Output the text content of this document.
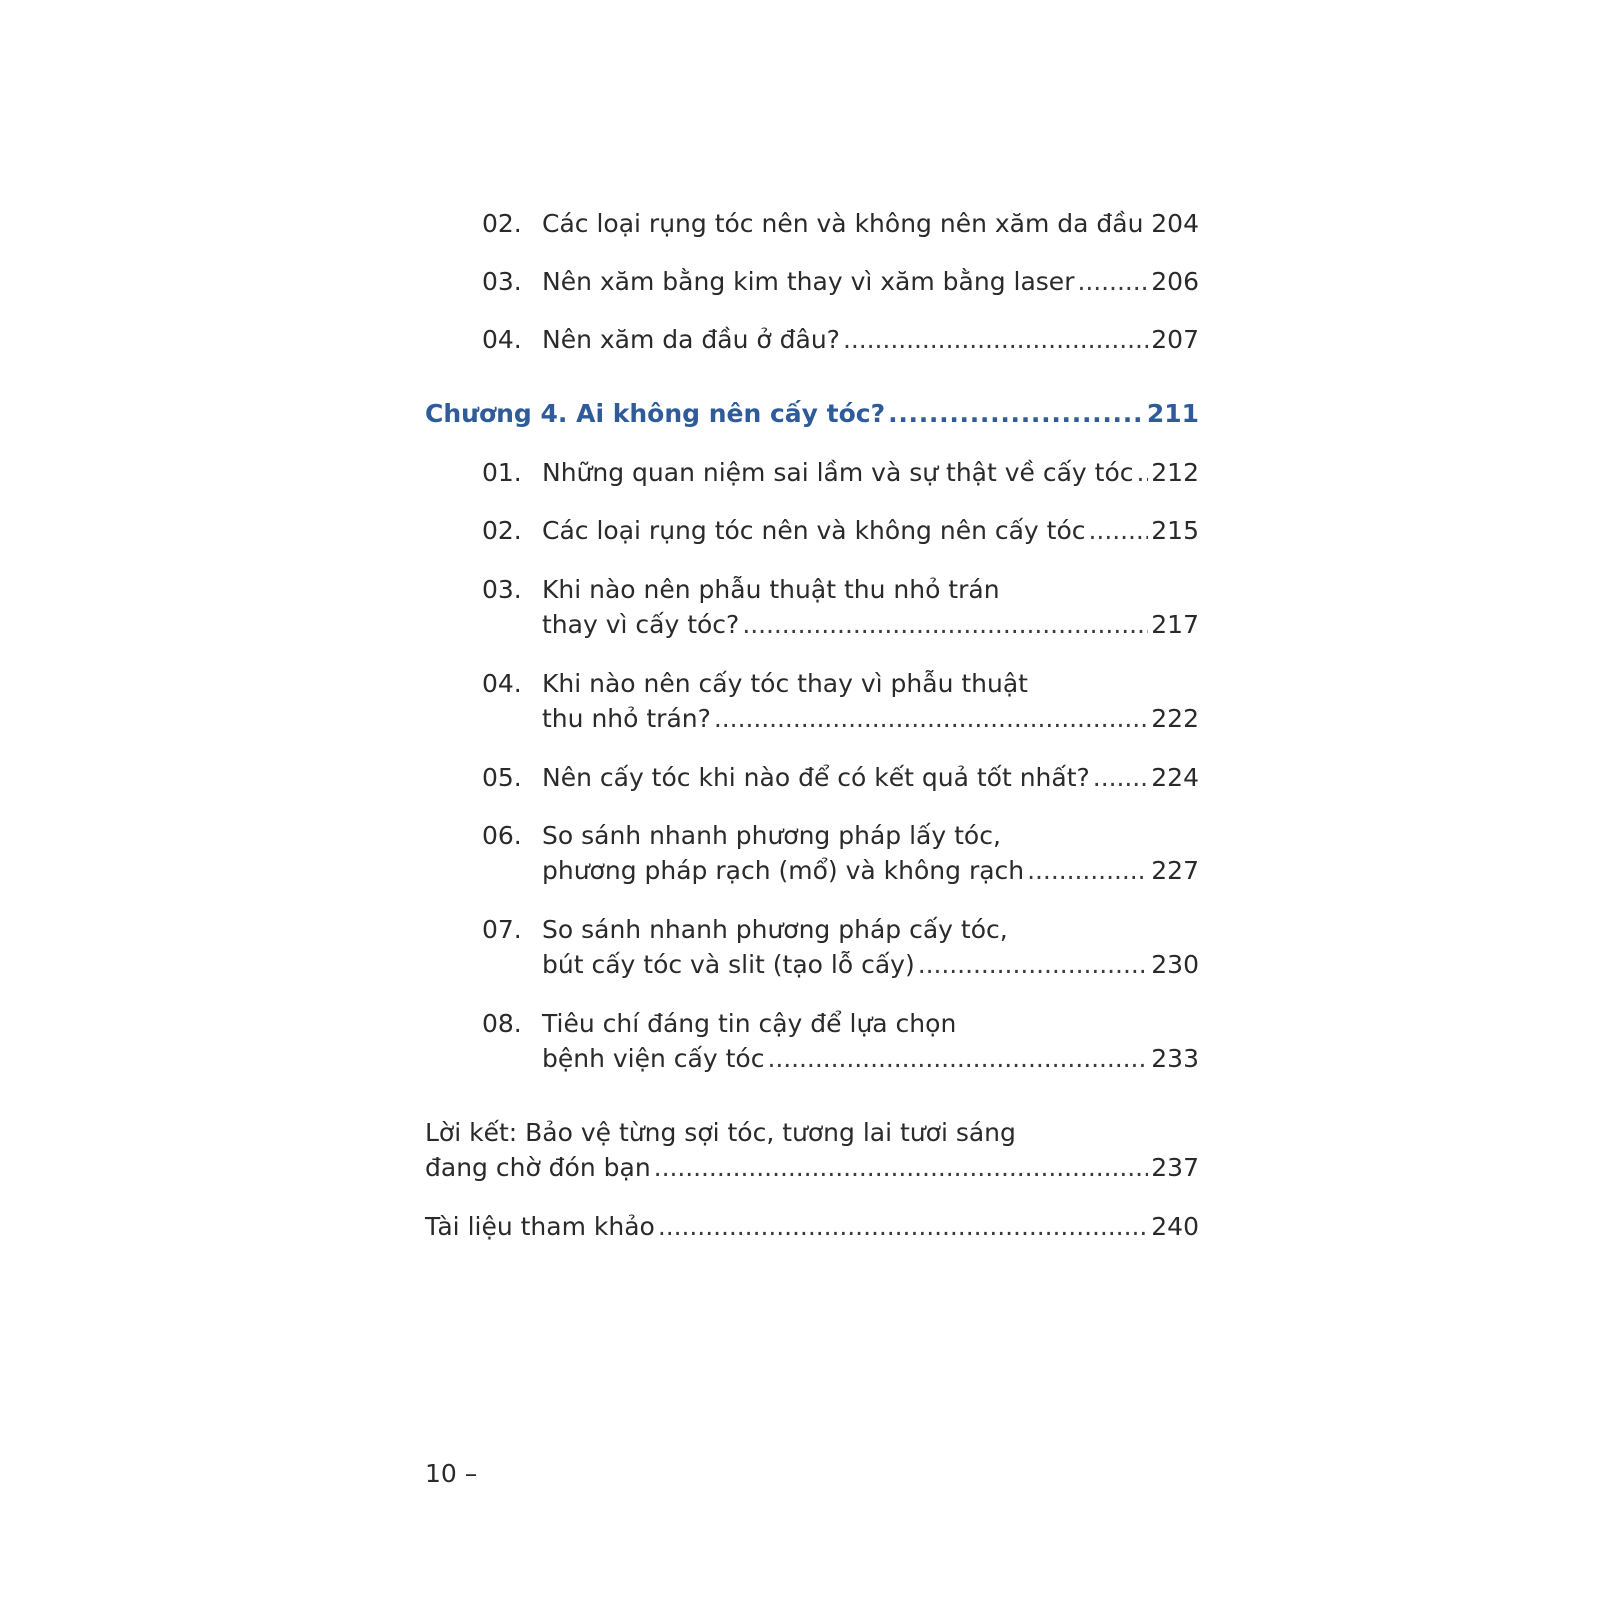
02. Các loại rụng tóc nên và không nên xăm da đầu . . . 204
03. Nên xăm bằng kim thay vì xăm bằng laser . . .	206
04. Nên xăm da đầu ở đâu? . . .	207
Chương 4. Ai không nên cấy tóc? . . .	211
01. Những quan niệm sai lầm và sự thật về cấy tóc . . . 212
02. Các loại rụng tóc nên và không nên cấy tóc . . .	215
03. Khi nào nên phẫu thuật thu nhỏ trán
thay vì cấy tóc? . . .	217
04. Khi nào nên cấy tóc thay vì phẫu thuật
thu nhỏ trán? . . .	222
05. Nên cấy tóc khi nào để có kết quả tốt nhất? . . . 224
06. So sánh nhanh phương pháp lấy tóc,
phương pháp rạch (mổ) và không rạch . . .	227
07. So sánh nhanh phương pháp cấy tóc,
bút cấy tóc và slit (tạo lỗ cấy) . . .	230
08. Tiêu chí đáng tin cậy để lựa chọn
bệnh viện cấy tóc . . .	233
Lời kết: Bảo vệ từng sợi tóc, tương lai tươi sáng
đang chờ đón bạn . . .	237
Tài liệu tham khảo . . .	240
10 –
